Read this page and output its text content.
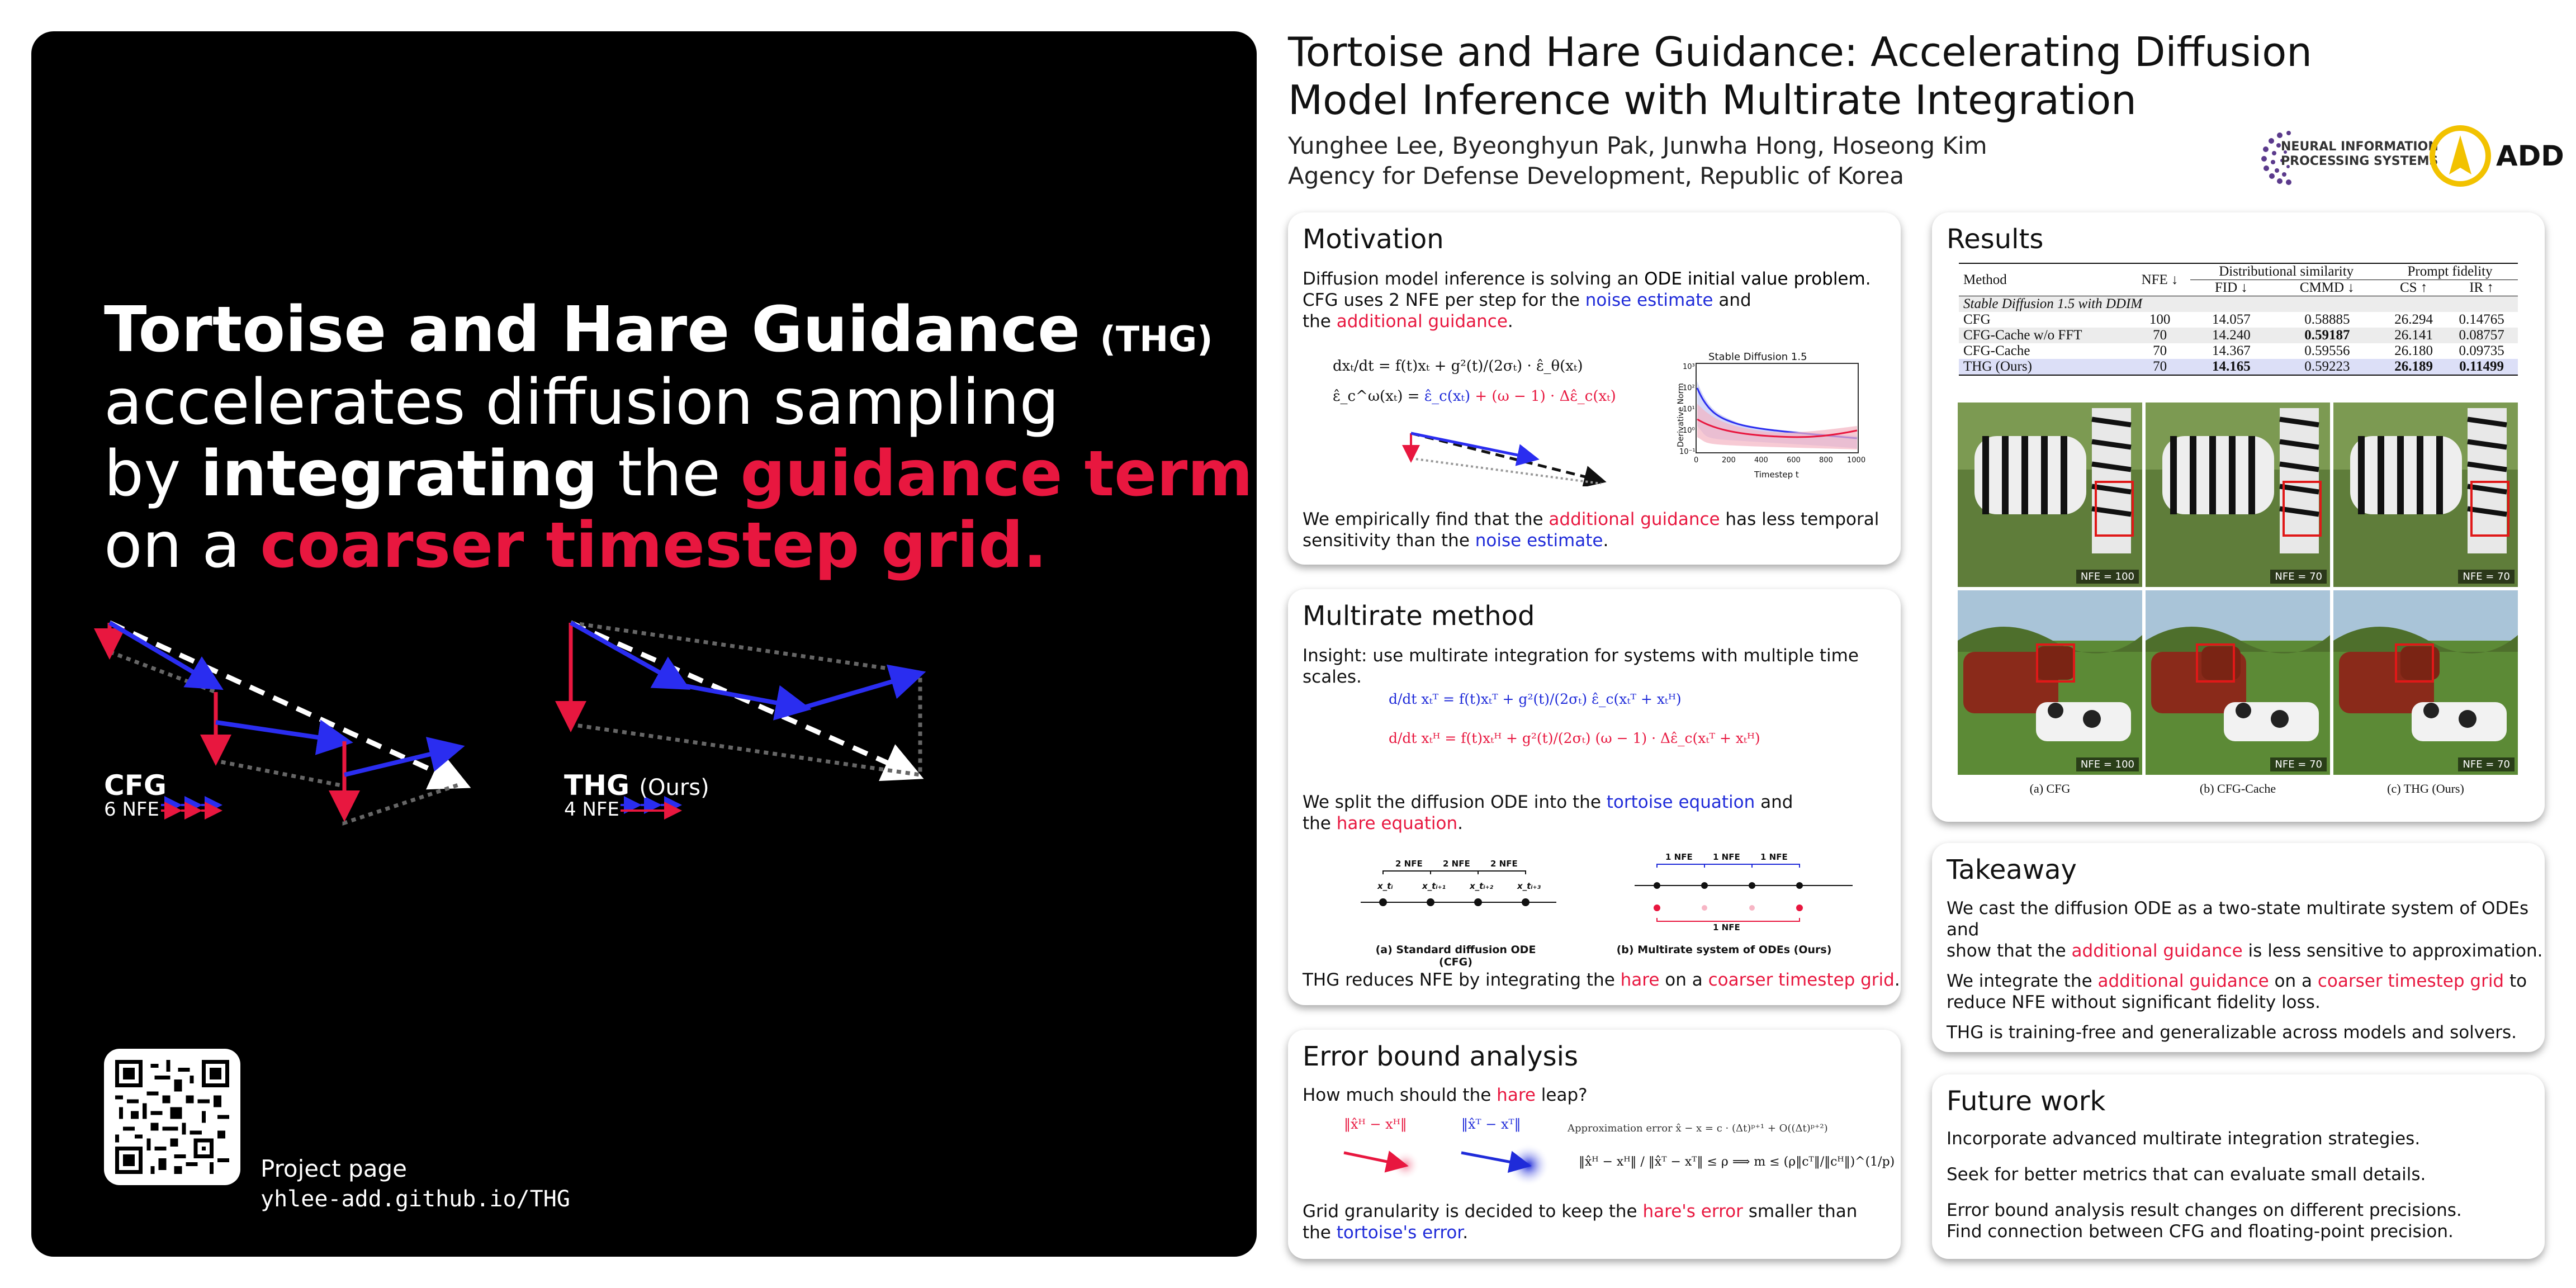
Tortoise and Hare Guidance (THG)
accelerates diffusion sampling
by integrating the guidance term
on a coarser timestep grid.
CFG
6 NFE
THG (Ours)
4 NFE
Project page
yhlee-add.github.io/THG
Tortoise and Hare Guidance: Accelerating Diffusion Model Inference with Multirate Integration
Yunghee Lee, Byeonghyun Pak, Junwha Hong, Hoseong Kim
Agency for Defense Development, Republic of Korea
NEURAL INFORMATION
PROCESSING SYSTEMS ADD
Motivation
Diffusion model inference is solving an ODE initial value problem.
CFG uses 2 NFE per step for the noise estimate and
the additional guidance.
dxₜ/dt = f(t)xₜ + g²(t)/(2σₜ) · ε̂_θ(xₜ)
ε̂_c^ω(xₜ) = ε̂_c(xₜ) + (ω − 1) · Δε̂_c(xₜ)
Stable Diffusion 1.5
10³
10²
10¹
10⁰
10⁻¹
0	200	400	600	800 1000
Derivative Norm
Timestep t
We empirically find that the additional guidance has less temporal
sensitivity than the noise estimate.
Multirate method
Insight: use multirate integration for systems with multiple time scales.
d/dt xₜᵀ = f(t)xₜᵀ + g²(t)/(2σₜ) ε̂_c(xₜᵀ + xₜᴴ)
d/dt xₜᴴ = f(t)xₜᴴ + g²(t)/(2σₜ) (ω − 1) · Δε̂_c(xₜᵀ + xₜᴴ)
We split the diffusion ODE into the tortoise equation and
the hare equation.
2 NFE 2 NFE 2 NFE
x_tᵢ	x_tᵢ₊₁	x_tᵢ₊₂	x_tᵢ₊₃
1 NFE 1 NFE 1 NFE
1 NFE
(a) Standard diffusion ODE (CFG)
(b) Multirate system of ODEs (Ours)
THG reduces NFE by integrating the hare on a coarser timestep grid.
Error bound analysis
How much should the hare leap?
‖x̂ᴴ − xᴴ‖	‖x̂ᵀ − xᵀ‖	Approximation error x̂ − x = c · (Δt)ᵖ⁺¹ + O((Δt)ᵖ⁺²)
‖x̂ᴴ − xᴴ‖ / ‖x̂ᵀ − xᵀ‖ ≤ ρ ⟹ m ≤ (ρ‖cᵀ‖/‖cᴴ‖)^(1/p)
Grid granularity is decided to keep the hare's error smaller than
the tortoise's error.
Results
Method	NFE ↓	Distributional similarity		Prompt fidelity	
		FID ↓	CMMD ↓	CS ↑	IR ↑
Stable Diffusion 1.5 with DDIM					
CFG	100	14.057	0.58885	26.294	0.14765
CFG-Cache w/o FFT	70	14.240	0.59187	26.141	0.08757
CFG-Cache	70	14.367	0.59556	26.180	0.09735
THG (Ours)	70	14.165	0.59223	26.189	0.11499
NFE = 100	NFE = 70	NFE = 70
NFE = 100	NFE = 70	NFE = 70
(a) CFG	(b) CFG-Cache	(c) THG (Ours)
Takeaway
We cast the diffusion ODE as a two-state multirate system of ODEs and
show that the additional guidance is less sensitive to approximation.
We integrate the additional guidance on a coarser timestep grid to
reduce NFE without significant fidelity loss.
THG is training-free and generalizable across models and solvers.
Future work
Incorporate advanced multirate integration strategies.
Seek for better metrics that can evaluate small details.
Error bound analysis result changes on different precisions.
Find connection between CFG and floating-point precision.
